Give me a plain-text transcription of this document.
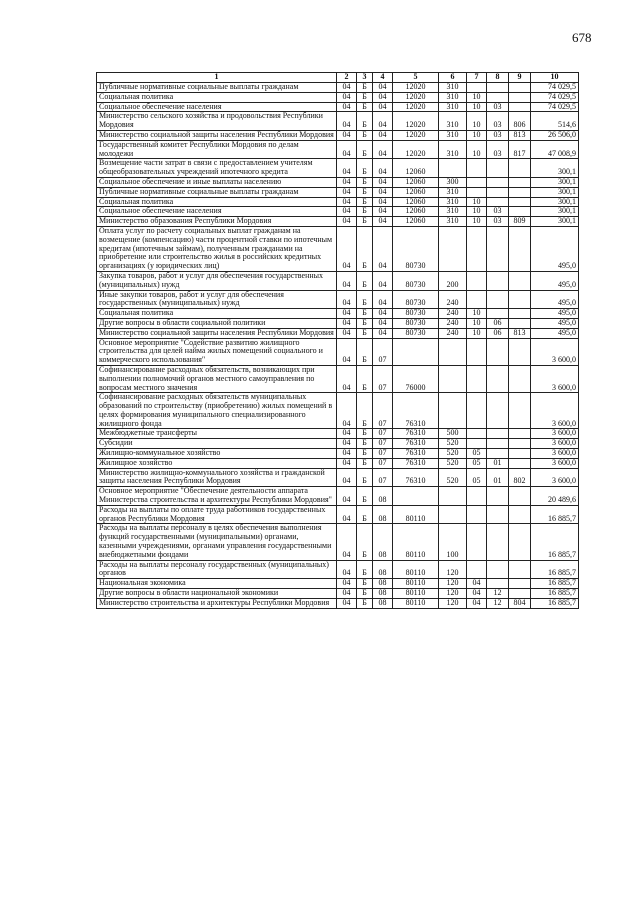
678
1	2	3	4	5	6	7	8	9	10
Публичные нормативные социальные выплаты гражданам	04	Б	04	12020	310				74 029,5
Социальная политика	04	Б	04	12020	310	10			74 029,5
Социальное обеспечение населения	04	Б	04	12020	310	10	03		74 029,5
Министерство сельского хозяйства и продовольствия Республики Мордовия	04	Б	04	12020	310	10	03	806	514,6
Министерство социальной защиты населения Республики Мордовия	04	Б	04	12020	310	10	03	813	26 506,0
Государственный комитет Республики Мордовия по делам молодежи	04	Б	04	12020	310	10	03	817	47 008,9
Возмещение части затрат в связи с предоставлением учителям общеобразовательных учреждений ипотечного кредита	04	Б	04	12060					300,1
Социальное обеспечение и иные выплаты населению	04	Б	04	12060	300				300,1
Публичные нормативные социальные выплаты гражданам	04	Б	04	12060	310				300,1
Социальная политика	04	Б	04	12060	310	10			300,1
Социальное обеспечение населения	04	Б	04	12060	310	10	03		300,1
Министерство образования Республики Мордовия	04	Б	04	12060	310	10	03	809	300,1
Оплата услуг по расчету социальных выплат гражданам на возмещение (компенсацию) части процентной ставки по ипотечным кредитам (ипотечным займам), полученным гражданами на приобретение или строительство жилья в российских кредитных организациях (у юридических лиц)	04	Б	04	80730					495,0
Закупка товаров, работ и услуг для обеспечения государственных (муниципальных) нужд	04	Б	04	80730	200				495,0
Иные закупки товаров, работ и услуг для обеспечения государственных (муниципальных) нужд	04	Б	04	80730	240				495,0
Социальная политика	04	Б	04	80730	240	10			495,0
Другие вопросы в области социальной политики	04	Б	04	80730	240	10	06		495,0
Министерство социальной защиты населения Республики Мордовия	04	Б	04	80730	240	10	06	813	495,0
Основное мероприятие "Содействие развитию жилищного строительства для целей найма жилых помещений социального и коммерческого использования"	04	Б	07						3 600,0
Софинансирование расходных обязательств, возникающих при выполнении полномочий органов местного самоуправления по вопросам местного значения	04	Б	07	76000					3 600,0
Софинансирование расходных обязательств муниципальных образований по строительству (приобретению) жилых помещений в целях формирования муниципального специализированного жилищного фонда	04	Б	07	76310					3 600,0
Межбюджетные трансферты	04	Б	07	76310	500				3 600,0
Субсидии	04	Б	07	76310	520				3 600,0
Жилищно-коммунальное хозяйство	04	Б	07	76310	520	05			3 600,0
Жилищное хозяйство	04	Б	07	76310	520	05	01		3 600,0
Министерство жилищно-коммунального хозяйства и гражданской защиты населения Республики Мордовия	04	Б	07	76310	520	05	01	802	3 600,0
Основное мероприятие "Обеспечение деятельности аппарата Министерства строительства и архитектуры Республики Мордовия"	04	Б	08						20 489,6
Расходы на выплаты по оплате труда работников государственных органов Республики Мордовия	04	Б	08	80110					16 885,7
Расходы на выплаты персоналу в целях обеспечения выполнения функций государственными (муниципальными) органами, казенными учреждениями, органами управления государственными внебюджетными фондами	04	Б	08	80110	100				16 885,7
Расходы на выплаты персоналу государственных (муниципальных) органов	04	Б	08	80110	120				16 885,7
Национальная экономика	04	Б	08	80110	120	04			16 885,7
Другие вопросы в области национальной экономики	04	Б	08	80110	120	04	12		16 885,7
Министерство строительства и архитектуры Республики Мордовия	04	Б	08	80110	120	04	12	804	16 885,7
